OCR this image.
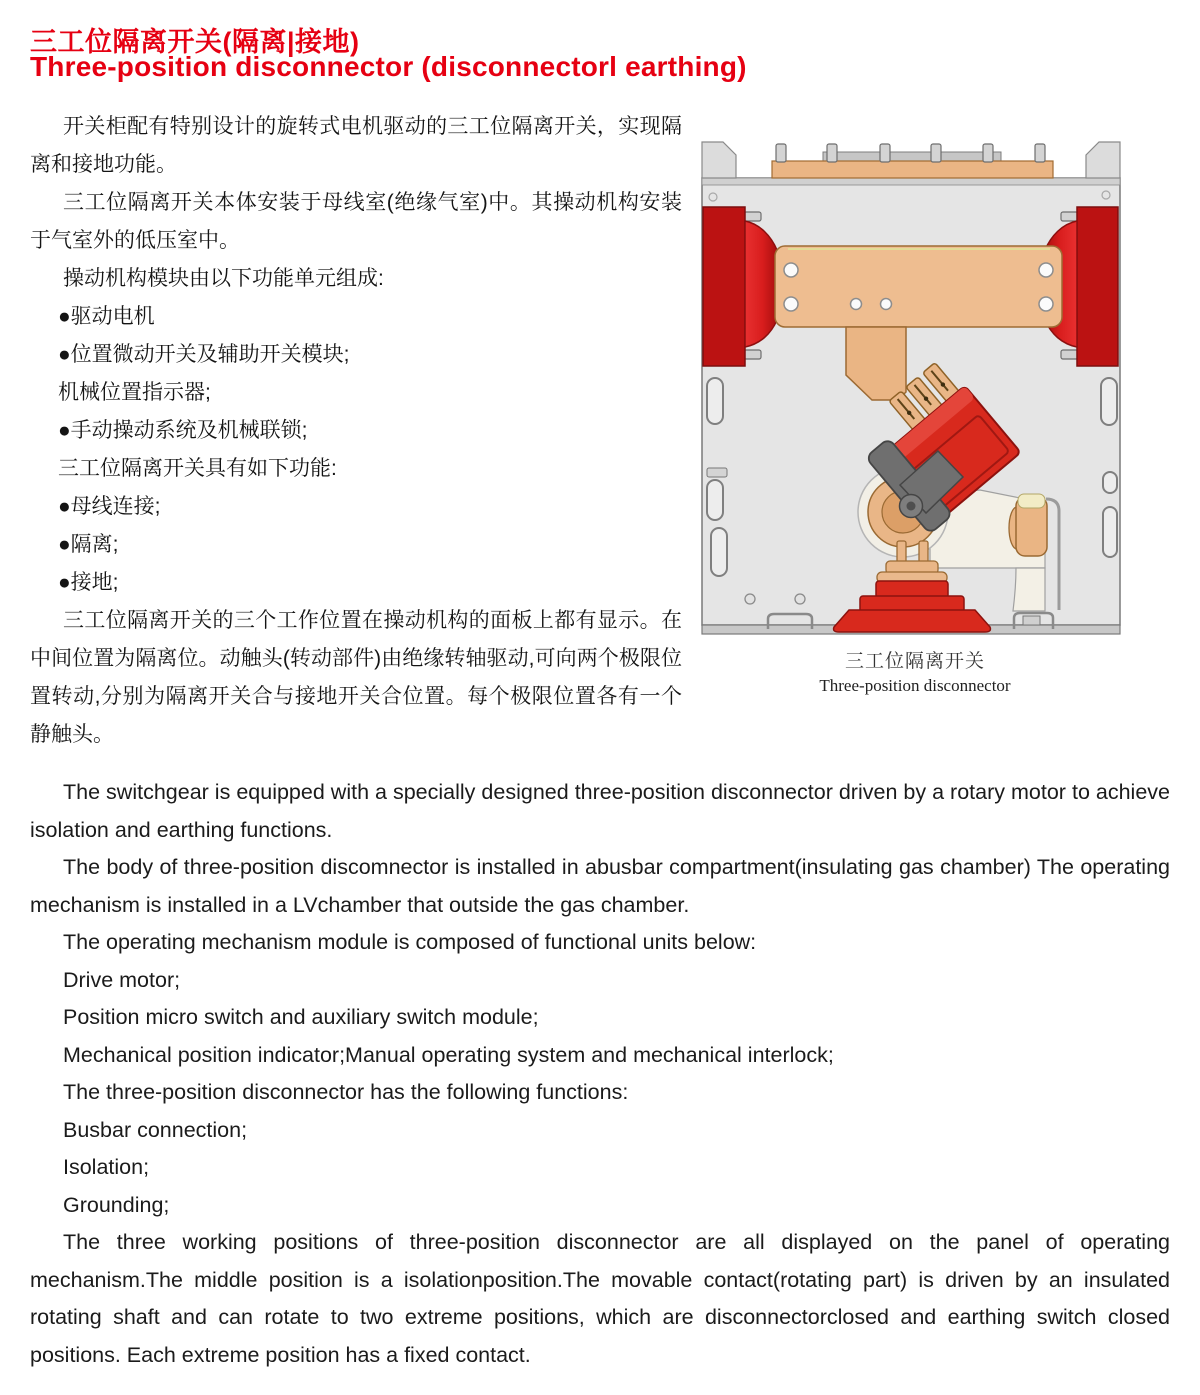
三工位隔离开关(隔离|接地)
Three-position disconnector (disconnectorl earthing)
开关柜配有特别设计的旋转式电机驱动的三工位隔离开关，实现隔离和接地功能。
三工位隔离开关本体安装于母线室(绝缘气室)中。其操动机构安装于气室外的低压室中。
操动机构模块由以下功能单元组成:
●驱动电机
●位置微动开关及辅助开关模块;
机械位置指示器;
●手动操动系统及机械联锁;
三工位隔离开关具有如下功能:
●母线连接;
●隔离;
●接地;
三工位隔离开关的三个工作位置在操动机构的面板上都有显示。在中间位置为隔离位。动触头(转动部件)由绝缘转轴驱动,可向两个极限位置转动,分别为隔离开关合与接地开关合位置。每个极限位置各有一个静触头。
三工位隔离开关
Three-position disconnector
The switchgear is equipped with a specially designed three-position disconnector driven by a rotary motor to achieve isolation and earthing functions.
The body of three-position discomnector is installed in abusbar compartment(insulating gas chamber) The operating mechanism is installed in a LVchamber that outside the gas chamber.
The operating mechanism module is composed of functional units below:
Drive motor;
Position micro switch and auxiliary switch module;
Mechanical position indicator;Manual operating system and mechanical interlock;
The three-position disconnector has the following functions:
Busbar connection;
Isolation;
Grounding;
The three working positions of three-position disconnector are all displayed on the panel of operating mechanism.The middle position is a isolationposition.The movable contact(rotating part) is driven by an insulated rotating shaft and can rotate to two extreme positions, which are disconnectorclosed and earthing switch closed positions. Each extreme position has a fixed contact.
